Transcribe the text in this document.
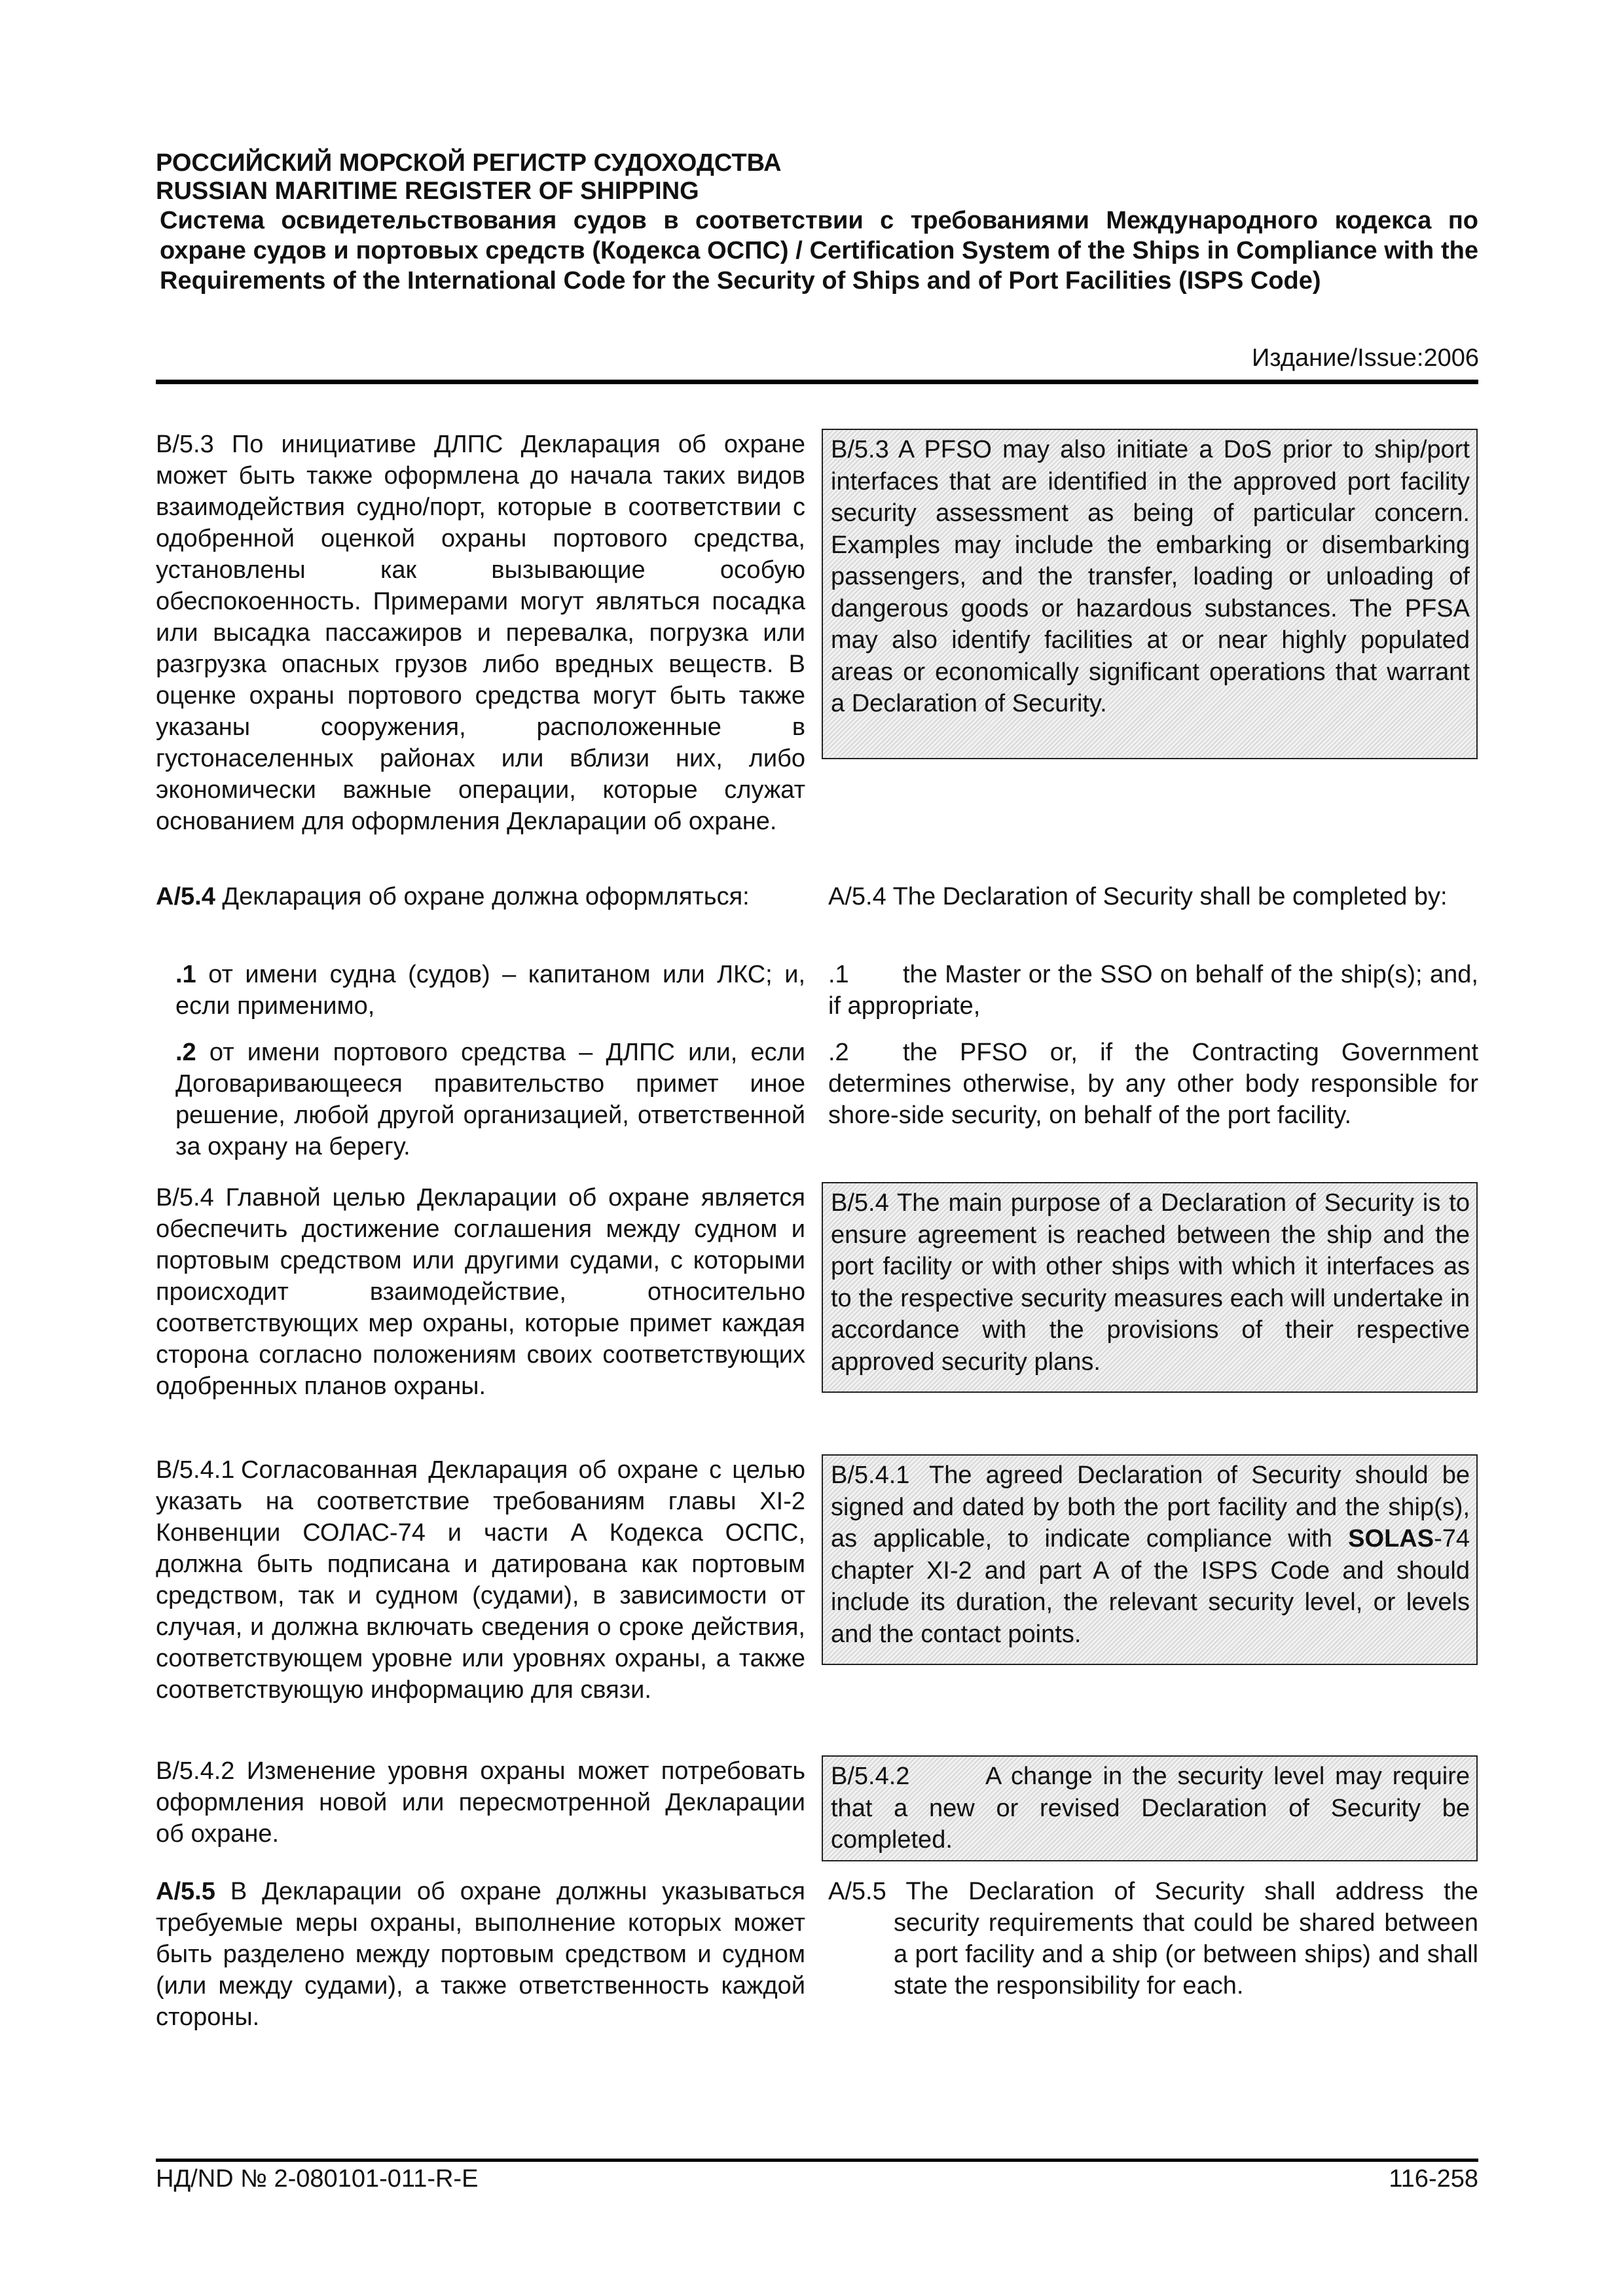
РОССИЙСКИЙ МОРСКОЙ РЕГИСТР СУДОХОДСТВА

RUSSIAN MARITIME REGISTER OF SHIPPING

Система освидетельствования судов в соответствии с требованиями Международного кодекса по охране судов и портовых средств (Кодекса ОСПС) / Certification System of the Ships in Compliance with the Requirements of the International Code for the Security of Ships and of Port Facilities (ISPS Code)

Издание/Issue:2006

B/5.3 По инициативе ДЛПС Декларация об охране может быть также оформлена до начала таких видов взаимодействия судно/порт, которые в соответствии с одобренной оценкой охраны портового средства, установлены как вызывающие особую обеспокоенность. Примерами могут являться посадка или высадка пассажиров и перевалка, погрузка или разгрузка опасных грузов либо вредных веществ. В оценке охраны портового средства могут быть также указаны сооружения, расположенные в густонаселенных районах или вблизи них, либо экономически важные операции, которые служат основанием для оформления Декларации об охране.

A/5.4 Декларация об охране должна оформляться:

.1 от имени судна (судов) – капитаном или ЛКС; и, если применимо,

.2 от имени портового средства – ДЛПС или, если Договаривающееся правительство примет иное решение, любой другой организацией, ответственной за охрану на берегу.

B/5.4 Главной целью Декларации об охране является обеспечить достижение соглашения между судном и портовым средством или другими судами, с которыми происходит взаимодействие, относительно соответствующих мер охраны, которые примет каждая сторона согласно положениям своих соответствующих одобренных планов охраны.

B/5.4.1 Согласованная Декларация об охране с целью указать на соответствие требованиям главы XI-2 Конвенции СОЛАС-74 и части А Кодекса ОСПС, должна быть подписана и датирована как портовым средством, так и судном (судами), в зависимости от случая, и должна включать сведения о сроке действия, соответствующем уровне или уровнях охраны, а также соответствующую информацию для связи.

B/5.4.2 Изменение уровня охраны может потребовать оформления новой или пересмотренной Декларации об охране.

A/5.5 В Декларации об охране должны указываться требуемые меры охраны, выполнение которых может быть разделено между портовым средством и судном (или между судами), а также ответственность каждой стороны.

B/5.3 A PFSO may also initiate a DoS prior to ship/port interfaces that are identified in the approved port facility security assessment as being of particular concern. Examples may include the embarking or disembarking passengers, and the transfer, loading or unloading of dangerous goods or hazardous substances. The PFSA may also identify facilities at or near highly populated areas or economically significant operations that warrant a Declaration of Security.

A/5.4 The Declaration of Security shall be completed by:

.1 the Master or the SSO on behalf of the ship(s); and, if appropriate,

.2 the PFSO or, if the Contracting Government determines otherwise, by any other body responsible for shore-side security, on behalf of the port facility.

B/5.4 The main purpose of a Declaration of Security is to ensure agreement is reached between the ship and the port facility or with other ships with which it interfaces as to the respective security measures each will undertake in accordance with the provisions of their respective approved security plans.

B/5.4.1 The agreed Declaration of Security should be signed and dated by both the port facility and the ship(s), as applicable, to indicate compliance with SOLAS-74 chapter XI-2 and part A of the ISPS Code and should include its duration, the relevant security level, or levels and the contact points.

B/5.4.2	A change in the security level may require that a new or revised Declaration of Security be completed.

A/5.5 The Declaration of Security shall address the security requirements that could be shared between a port facility and a ship (or between ships) and shall state the responsibility for each.

НД/ND № 2-080101-011-R-E	116-258
